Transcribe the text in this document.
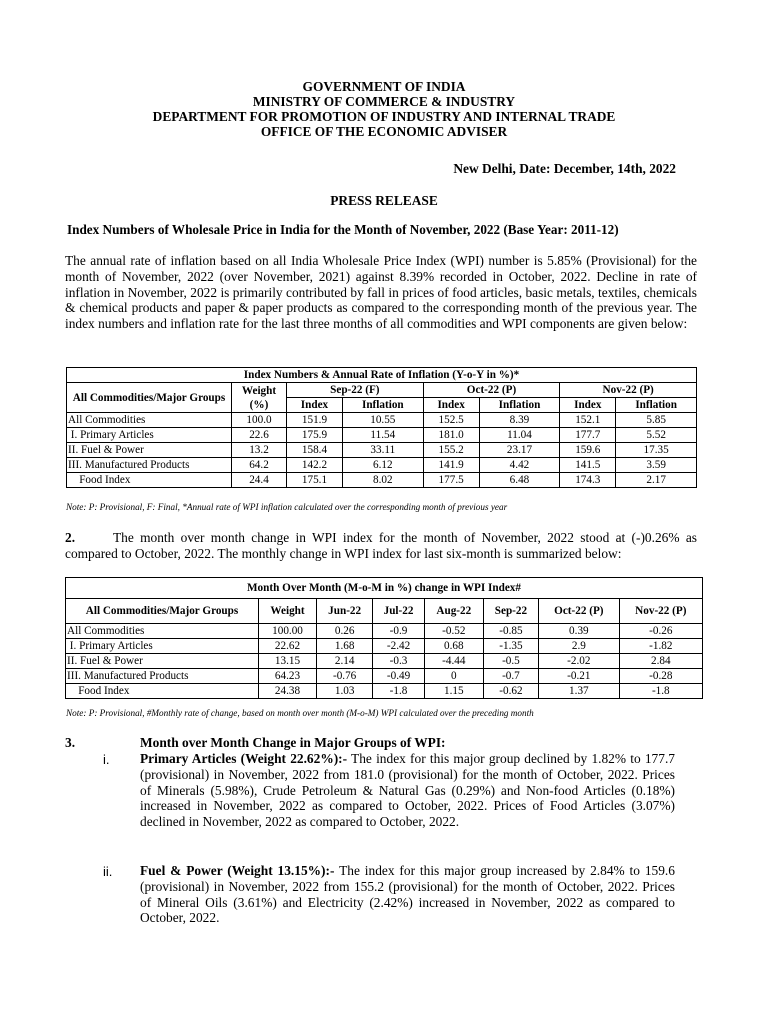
GOVERNMENT OF INDIA
MINISTRY OF COMMERCE & INDUSTRY
DEPARTMENT FOR PROMOTION OF INDUSTRY AND INTERNAL TRADE
OFFICE OF THE ECONOMIC ADVISER
New Delhi, Date: December, 14th, 2022
PRESS RELEASE
Index Numbers of Wholesale Price in India for the Month of November, 2022 (Base Year: 2011-12)
The annual rate of inflation based on all India Wholesale Price Index (WPI) number is 5.85% (Provisional) for the month of November, 2022 (over November, 2021) against 8.39% recorded in October, 2022. Decline in rate of inflation in November, 2022 is primarily contributed by fall in prices of food articles, basic metals, textiles, chemicals & chemical products and paper & paper products as compared to the corresponding month of the previous year. The index numbers and inflation rate for the last three months of all commodities and WPI components are given below:
Index Numbers & Annual Rate of Inflation (Y-o-Y in %)*							
All Commodities/Major Groups	Weight (%)	Sep-22 (F)		Oct-22 (P)		Nov-22 (P)	
		Index	Inflation	Index	Inflation	Index	Inflation
All Commodities	100.0	151.9	10.55	152.5	8.39	152.1	5.85
I. Primary Articles	22.6	175.9	11.54	181.0	11.04	177.7	5.52
II. Fuel & Power	13.2	158.4	33.11	155.2	23.17	159.6	17.35
III. Manufactured Products	64.2	142.2	6.12	141.9	4.42	141.5	3.59
Food Index	24.4	175.1	8.02	177.5	6.48	174.3	2.17
Note: P: Provisional, F: Final, *Annual rate of WPI inflation calculated over the corresponding month of previous year
2.	The month over month change in WPI index for the month of November, 2022 stood at (-)0.26% as compared to October, 2022. The monthly change in WPI index for last six-month is summarized below:
Month Over Month (M-o-M in %) change in WPI Index#							
All Commodities/Major Groups	Weight	Jun-22	Jul-22	Aug-22	Sep-22	Oct-22 (P)	Nov-22 (P)
All Commodities	100.00	0.26	-0.9	-0.52	-0.85	0.39	-0.26
I. Primary Articles	22.62	1.68	-2.42	0.68	-1.35	2.9	-1.82
II. Fuel & Power	13.15	2.14	-0.3	-4.44	-0.5	-2.02	2.84
III. Manufactured Products	64.23	-0.76	-0.49	0	-0.7	-0.21	-0.28
Food Index	24.38	1.03	-1.8	1.15	-0.62	1.37	-1.8
Note: P: Provisional, #Monthly rate of change, based on month over month (M-o-M) WPI calculated over the preceding month
3.	Month over Month Change in Major Groups of WPI:
i. Primary Articles (Weight 22.62%):- The index for this major group declined by 1.82% to 177.7 (provisional) in November, 2022 from 181.0 (provisional) for the month of October, 2022. Prices of Minerals (5.98%), Crude Petroleum & Natural Gas (0.29%) and Non-food Articles (0.18%) increased in November, 2022 as compared to October, 2022. Prices of Food Articles (3.07%) declined in November, 2022 as compared to October, 2022.
ii. Fuel & Power (Weight 13.15%):- The index for this major group increased by 2.84% to 159.6 (provisional) in November, 2022 from 155.2 (provisional) for the month of October, 2022. Prices of Mineral Oils (3.61%) and Electricity (2.42%) increased in November, 2022 as compared to October, 2022.
